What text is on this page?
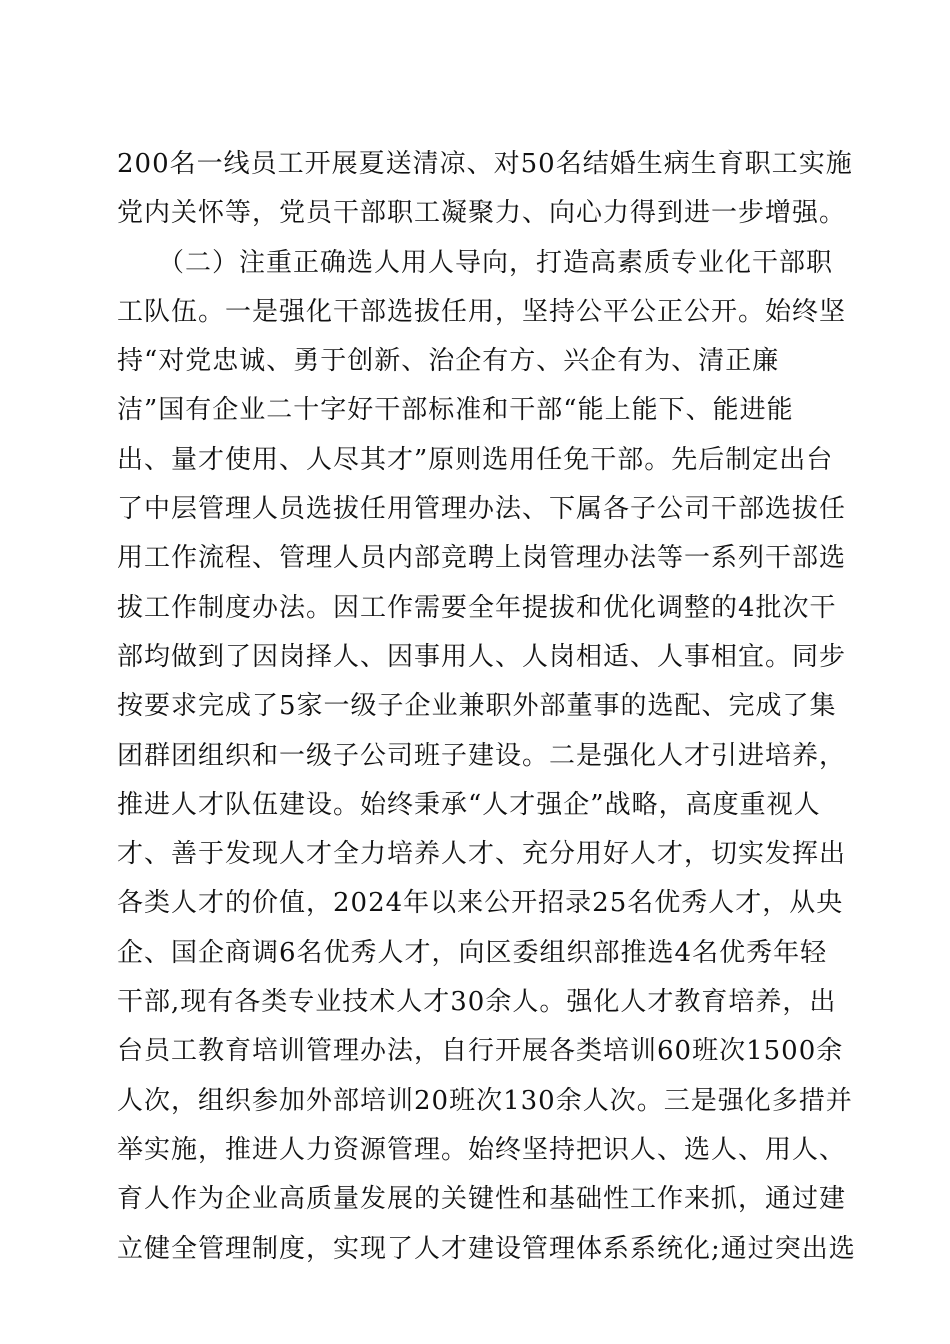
200名一线员工开展夏送清凉、对50名结婚生病生育职工实施
党内关怀等，党员干部职工凝聚力、向心力得到进一步增强。
　　（二）注重正确选人用人导向，打造高素质专业化干部职
工队伍。一是强化干部选拔任用，坚持公平公正公开。始终坚
持“对党忠诚、勇于创新、治企有方、兴企有为、清正廉
洁”国有企业二十字好干部标准和干部“能上能下、能进能
出、量才使用、人尽其才”原则选用任免干部。先后制定出台
了中层管理人员选拔任用管理办法、下属各子公司干部选拔任
用工作流程、管理人员内部竞聘上岗管理办法等一系列干部选
拔工作制度办法。因工作需要全年提拔和优化调整的4批次干
部均做到了因岗择人、因事用人、人岗相适、人事相宜。同步
按要求完成了5家一级子企业兼职外部董事的选配、完成了集
团群团组织和一级子公司班子建设。二是强化人才引进培养，
推进人才队伍建设。始终秉承“人才强企”战略，高度重视人
才、善于发现人才全力培养人才、充分用好人才，切实发挥出
各类人才的价值，2024年以来公开招录25名优秀人才，从央
企、国企商调6名优秀人才，向区委组织部推选4名优秀年轻
干部,现有各类专业技术人才30余人。强化人才教育培养，出
台员工教育培训管理办法，自行开展各类培训60班次1500余
人次，组织参加外部培训20班次130余人次。三是强化多措并
举实施，推进人力资源管理。始终坚持把识人、选人、用人、
育人作为企业高质量发展的关键性和基础性工作来抓，通过建
立健全管理制度，实现了人才建设管理体系系统化;通过突出选
